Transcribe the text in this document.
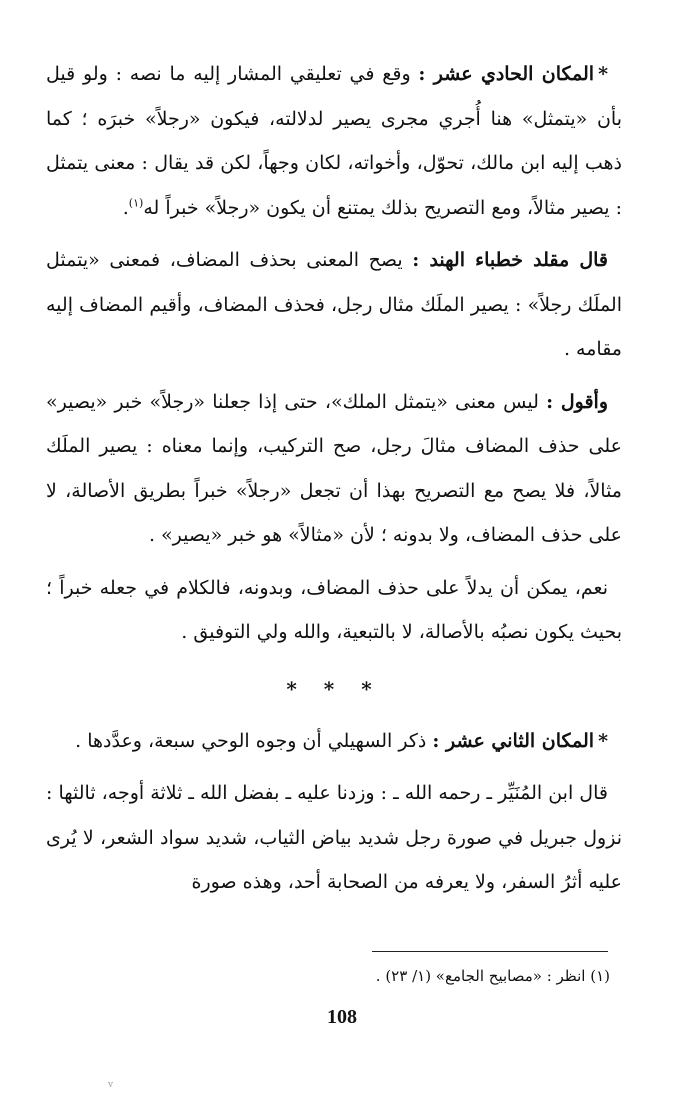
*المكان الحادي عشر : وقع في تعليقي المشار إليه ما نصه : ولو قيل بأن «يتمثل» هنا أُجري مجرى يصير لدلالته، فيكون «رجلاً» خبرَه ؛ كما ذهب إليه ابن مالك، تحوّل، وأخواته، لكان وجهاً، لكن قد يقال : معنى يتمثل : يصير مثالاً، ومع التصريح بذلك يمتنع أن يكون «رجلاً» خبراً له$^{(١)}$.

قال مقلد خطباء الهند : يصح المعنى بحذف المضاف، فمعنى «يتمثل الملَك رجلاً» : يصير الملَك مثال رجل، فحذف المضاف، وأقيم المضاف إليه مقامه .

وأقول : ليس معنى «يتمثل الملك»، حتى إذا جعلنا «رجلاً» خبر «يصير» على حذف المضاف مثالَ رجل، صح التركيب، وإنما معناه : يصير الملَك مثالاً، فلا يصح مع التصريح بهذا أن تجعل «رجلاً» خبراً بطريق الأصالة، لا على حذف المضاف، ولا بدونه ؛ لأن «مثالاً» هو خبر «يصير» .

نعم، يمكن أن يدلاً على حذف المضاف، وبدونه، فالكلام في جعله خبراً ؛ بحيث يكون نصبُه بالأصالة، لا بالتبعية، والله ولي التوفيق .

* * *

*المكان الثاني عشر : ذكر السهيلي أن وجوه الوحي سبعة، وعدَّدها .

قال ابن المُنَيِّر ـ رحمه الله ـ : وزدنا عليه ـ بفضل الله ـ ثلاثة أوجه، ثالثها : نزول جبريل في صورة رجل شديد بياض الثياب، شديد سواد الشعر، لا يُرى عليه أثرُ السفر، ولا يعرفه من الصحابة أحد، وهذه صورة

(١) انظر : «مصابيح الجامع» (١/ ٢٣) .
108
v
